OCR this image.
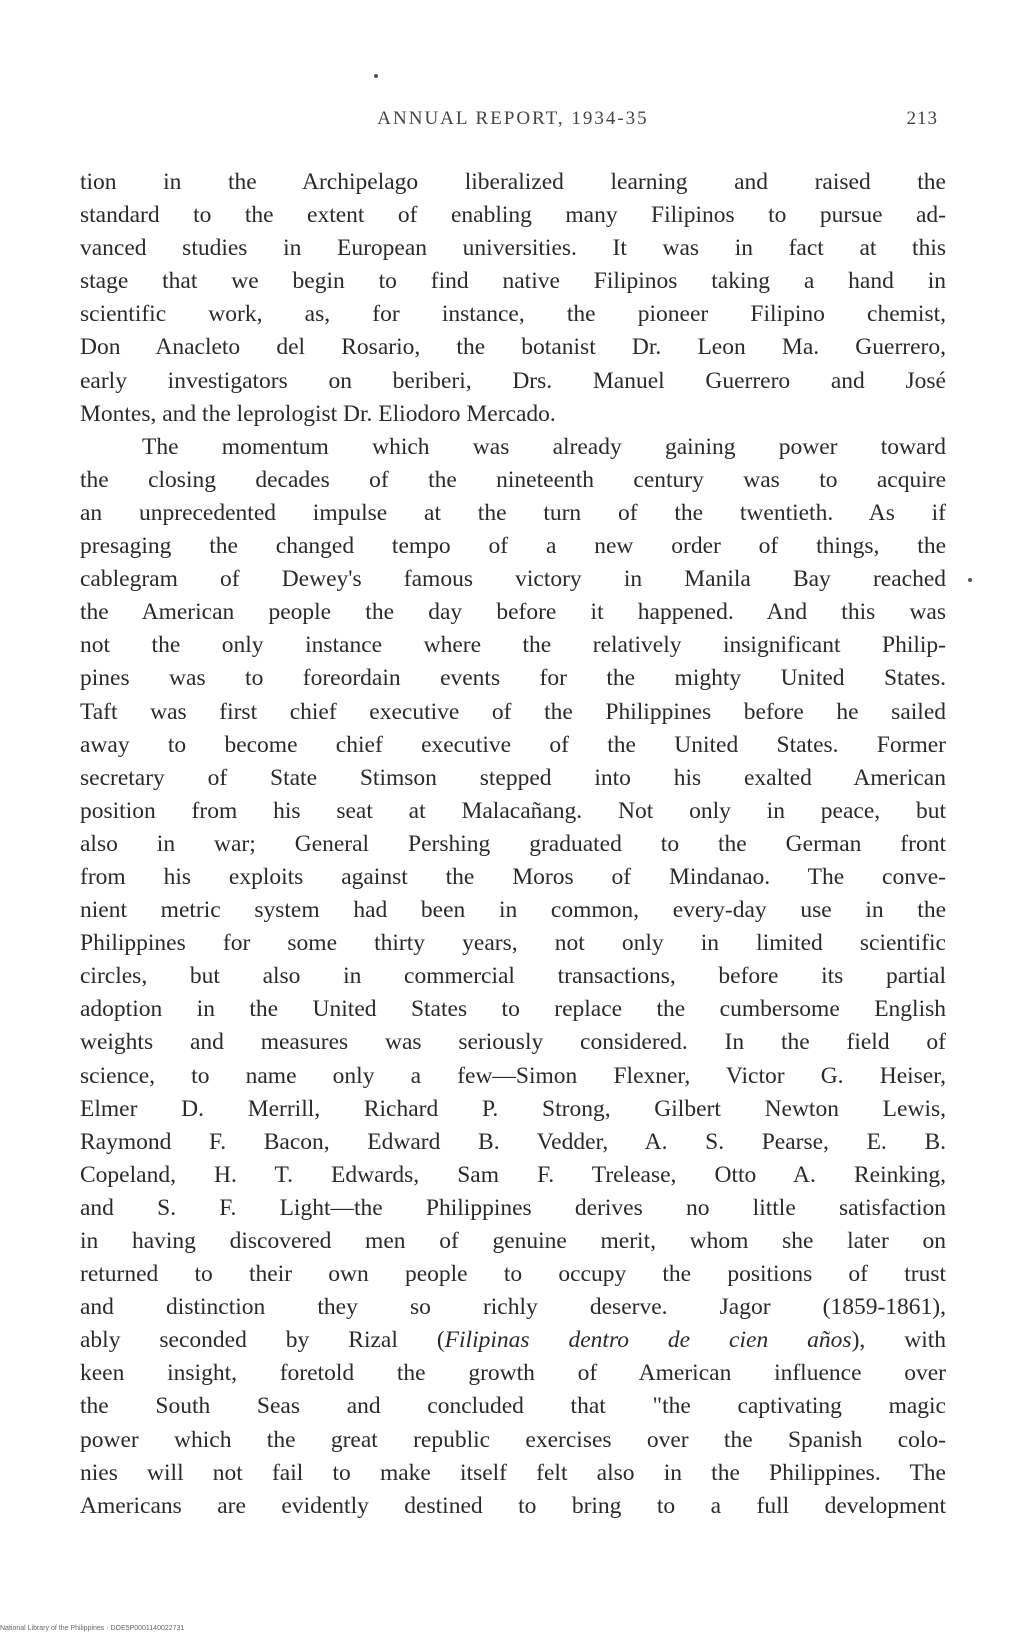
ANNUAL REPORT, 1934-35	213
tion in the Archipelago liberalized learning and raised the
standard to the extent of enabling many Filipinos to pursue ad-
vanced studies in European universities. It was in fact at this
stage that we begin to find native Filipinos taking a hand in
scientific work, as, for instance, the pioneer Filipino chemist,
Don Anacleto del Rosario, the botanist Dr. Leon Ma. Guerrero,
early investigators on beriberi, Drs. Manuel Guerrero and José
Montes, and the leprologist Dr. Eliodoro Mercado.
The momentum which was already gaining power toward
the closing decades of the nineteenth century was to acquire
an unprecedented impulse at the turn of the twentieth. As if
presaging the changed tempo of a new order of things, the
cablegram of Dewey's famous victory in Manila Bay reached
the American people the day before it happened. And this was
not the only instance where the relatively insignificant Philip-
pines was to foreordain events for the mighty United States.
Taft was first chief executive of the Philippines before he sailed
away to become chief executive of the United States. Former
secretary of State Stimson stepped into his exalted American
position from his seat at Malacañang. Not only in peace, but
also in war; General Pershing graduated to the German front
from his exploits against the Moros of Mindanao. The conve-
nient metric system had been in common, every-day use in the
Philippines for some thirty years, not only in limited scientific
circles, but also in commercial transactions, before its partial
adoption in the United States to replace the cumbersome English
weights and measures was seriously considered. In the field of
science, to name only a few—Simon Flexner, Victor G. Heiser,
Elmer D. Merrill, Richard P. Strong, Gilbert Newton Lewis,
Raymond F. Bacon, Edward B. Vedder, A. S. Pearse, E. B.
Copeland, H. T. Edwards, Sam F. Trelease, Otto A. Reinking,
and S. F. Light—the Philippines derives no little satisfaction
in having discovered men of genuine merit, whom she later on
returned to their own people to occupy the positions of trust
and distinction they so richly deserve. Jagor (1859-1861),
ably seconded by Rizal (Filipinas dentro de cien años), with
keen insight, foretold the growth of American influence over
the South Seas and concluded that "the captivating magic
power which the great republic exercises over the Spanish colo-
nies will not fail to make itself felt also in the Philippines. The
Americans are evidently destined to bring to a full development
National Library of the Philippines · DOE5P0001140022731
